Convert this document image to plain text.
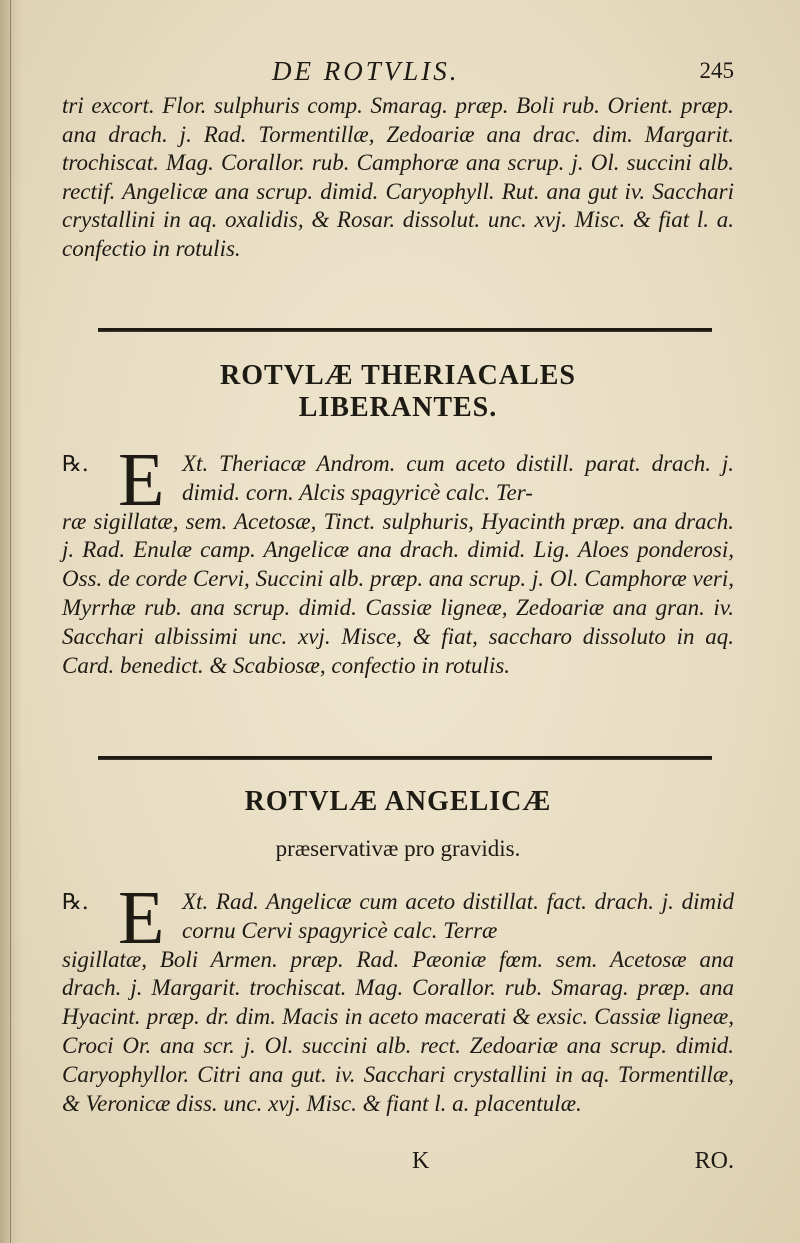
DE ROTVLIS.	245

tri excort. Flor. sulphuris comp. Smarag. præp. Boli rub. Orient. præp. ana drach. j. Rad. Tormentillæ, Zedoariæ ana drac. dim. Margarit. trochiscat. Mag. Corallor. rub. Camphoræ ana scrup. j. Ol. succini alb. rectif. Angelicæ ana scrup. dimid. Caryophyll. Rut. ana gut iv. Sacchari crystallini in aq. oxalidis, & Rosar. dissolut. unc. xvj. Misc. & fiat l. a. confectio in rotulis.

ROTVLÆ THERIACALES
LIBERANTES.
℞. E Xt. Theriacæ Androm. cum aceto distill. parat. drach. j. dimid. corn. Alcis spagyricè calc. Ter-

ræ sigillatæ, sem. Acetosæ, Tinct. sulphuris, Hyacinth præp. ana drach. j. Rad. Enulæ camp. Angelicæ ana drach. dimid. Lig. Aloes ponderosi, Oss. de corde Cervi, Succini alb. præp. ana scrup. j. Ol. Camphoræ veri, Myrrhæ rub. ana scrup. dimid. Cassiæ ligneæ, Zedoariæ ana gran. iv. Sacchari albissimi unc. xvj. Misce, & fiat, saccharo dissoluto in aq. Card. benedict. & Scabiosæ, confectio in rotulis.

ROTVLÆ ANGELICÆ

præservativæ pro gravidis.

℞. E Xt. Rad. Angelicæ cum aceto distillat. fact. drach. j. dimid cornu Cervi spagyricè calc. Terræ

sigillatæ, Boli Armen. præp. Rad. Pæoniæ fœm. sem. Acetosæ ana drach. j. Margarit. trochiscat. Mag. Corallor. rub. Smarag. præp. ana Hyacint. præp. dr. dim. Macis in aceto macerati & exsic. Cassiæ ligneæ, Croci Or. ana scr. j. Ol. succini alb. rect. Zedoariæ ana scrup. dimid. Caryophyllor. Citri ana gut. iv. Sacchari crystallini in aq. Tormentillæ, & Veronicæ diss. unc. xvj. Misc. & fiant l. a. placentulæ.

K	RO.
